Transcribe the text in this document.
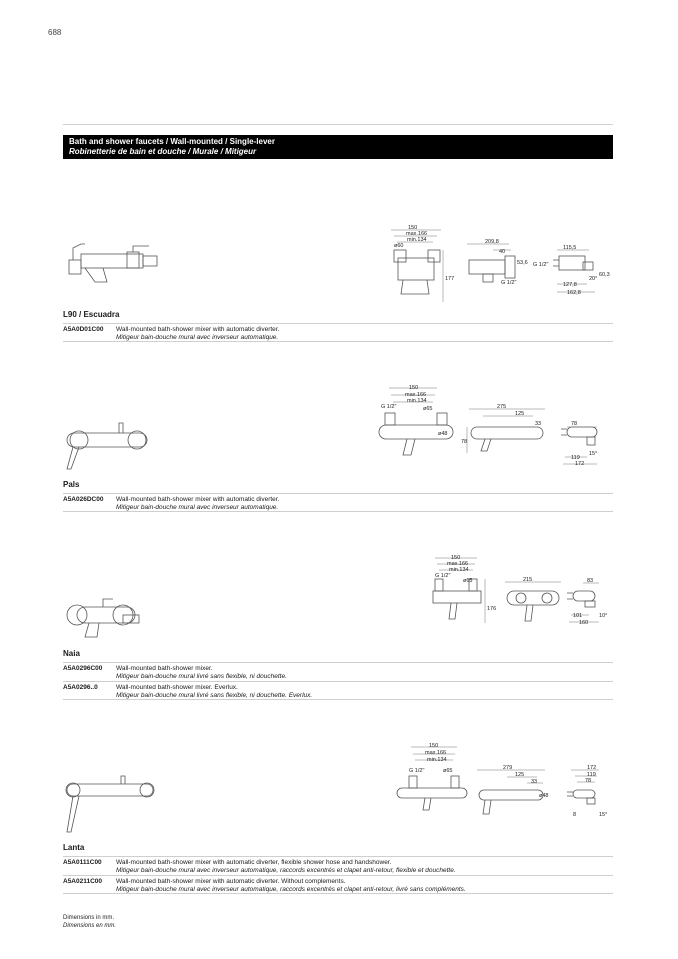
688
Bath and shower faucets / Wall-mounted / Single-lever
Robinetterie de bain et douche / Murale / Mitigeur
150
max.166
min.134
ø60
177
209,8
40
53,6
G 1/2"
G 1/2"
115,5
60,3
20°
127,8
162,8
L90 / Escuadra
A5A0D01C00 Wall-mounted bath-shower mixer with automatic diverter.
Mitigeur bain-douche mural avec inverseur automatique.
150
max.166
min.134
G 1/2"	ø65
ø48
275
125
33
78
78
15°
119
172
Pals
A5A026DC00 Wall-mounted bath-shower mixer with automatic diverter.
Mitigeur bain-douche mural avec inverseur automatique.
150
max.166
min.134
G 1/2"
ø65
176
215	83
101
160
10°
Naia
A5A0296C00 Wall-mounted bath-shower mixer.
Mitigeur bain-douche mural livré sans flexible, ni douchette.
A5A0296..0	Wall-mounted bath-shower mixer. Everlux.
Mitigeur bain-douche mural livré sans flexible, ni douchette. Everlux.
150
max.166
min.134
G 1/2"	ø65	279
125
33
ø48
172
119
78
8	15°
Lanta
A5A0111C00 Wall-mounted bath-shower mixer with automatic diverter, flexible shower hose and handshower.
Mitigeur bain-douche mural avec inverseur automatique, raccords excentrés et clapet anti-retour, flexible et douchette.
A5A0211C00 Wall-mounted bath-shower mixer with automatic diverter. Without complements.
Mitigeur bain-douche mural avec inverseur automatique, raccords excentrés et clapet anti-retour, livré sans compléments.
Dimensions in mm.
Dimensions en mm.
